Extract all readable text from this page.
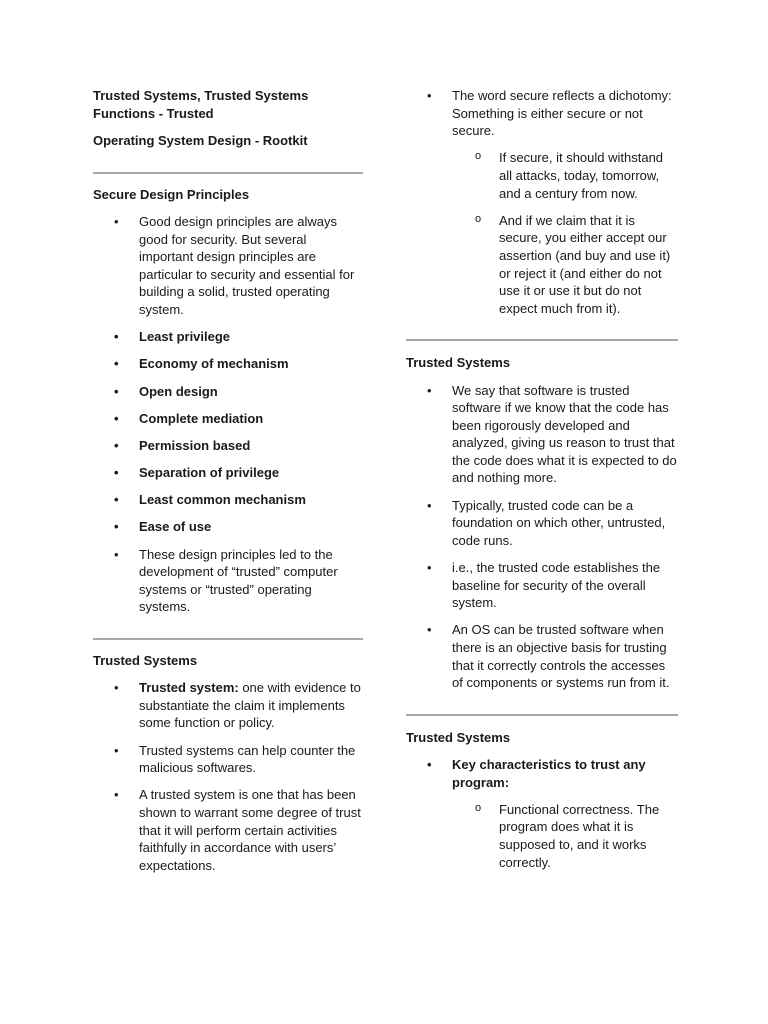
Trusted Systems, Trusted Systems Functions - Trusted

Operating System Design - Rootkit

Secure Design Principles

• Good design principles are always good for security. But several important design principles are particular to security and essential for building a solid, trusted operating system.
• Least privilege
• Economy of mechanism
• Open design
• Complete mediation
• Permission based
• Separation of privilege
• Least common mechanism
• Ease of use
• These design principles led to the development of “trusted” computer systems or “trusted” operating systems.

Trusted Systems

• Trusted system: one with evidence to substantiate the claim it implements some function or policy.
• Trusted systems can help counter the malicious softwares.
• A trusted system is one that has been shown to warrant some degree of trust that it will perform certain activities faithfully in accordance with users’ expectations.
• The word secure reflects a dichotomy: Something is either secure or not secure.
o If secure, it should withstand all attacks, today, tomorrow, and a century from now.
o And if we claim that it is secure, you either accept our assertion (and buy and use it) or reject it (and either do not use it or use it but do not expect much from it).

Trusted Systems

• We say that software is trusted software if we know that the code has been rigorously developed and analyzed, giving us reason to trust that the code does what it is expected to do and nothing more.
• Typically, trusted code can be a foundation on which other, untrusted, code runs.
• i.e., the trusted code establishes the baseline for security of the overall system.
• An OS can be trusted software when there is an objective basis for trusting that it correctly controls the accesses of components or systems run from it.

Trusted Systems

• Key characteristics to trust any program:
o Functional correctness. The program does what it is supposed to, and it works correctly.
